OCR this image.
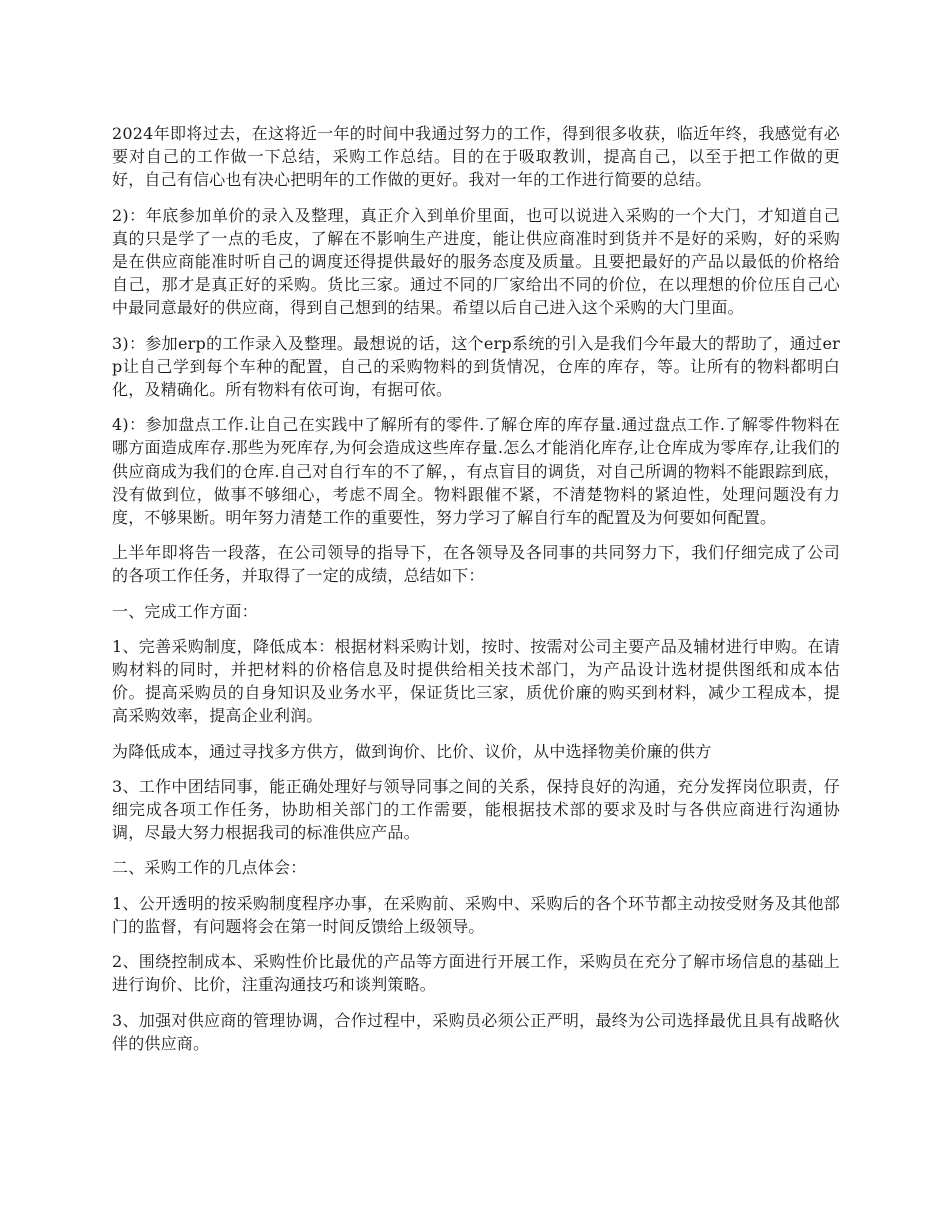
2024年即将过去，在这将近一年的时间中我通过努力的工作，得到很多收获，临近年终，我感觉有必要对自己的工作做一下总结，采购工作总结。目的在于吸取教训，提高自己，以至于把工作做的更好，自己有信心也有决心把明年的工作做的更好。我对一年的工作进行简要的总结。

2)：年底参加单价的录入及整理，真正介入到单价里面，也可以说进入采购的一个大门，才知道自己真的只是学了一点的毛皮，了解在不影响生产进度，能让供应商准时到货并不是好的采购，好的采购是在供应商能准时听自己的调度还得提供最好的服务态度及质量。且要把最好的产品以最低的价格给自己，那才是真正好的采购。货比三家。通过不同的厂家给出不同的价位，在以理想的价位压自己心中最同意最好的供应商，得到自己想到的结果。希望以后自己进入这个采购的大门里面。

3)：参加erp的工作录入及整理。最想说的话，这个erp系统的引入是我们今年最大的帮助了，通过erp让自己学到每个车种的配置，自己的采购物料的到货情况，仓库的库存，等。让所有的物料都明白化，及精确化。所有物料有依可询，有据可依。

4)：参加盘点工作.让自己在实践中了解所有的零件.了解仓库的库存量.通过盘点工作.了解零件物料在哪方面造成库存.那些为死库存,为何会造成这些库存量.怎么才能消化库存,让仓库成为零库存,让我们的供应商成为我们的仓库.自己对自行车的不了解，，有点盲目的调货，对自己所调的物料不能跟踪到底，没有做到位，做事不够细心，考虑不周全。物料跟催不紧，不清楚物料的紧迫性，处理问题没有力度，不够果断。明年努力清楚工作的重要性，努力学习了解自行车的配置及为何要如何配置。

上半年即将告一段落，在公司领导的指导下，在各领导及各同事的共同努力下，我们仔细完成了公司的各项工作任务，并取得了一定的成绩，总结如下：

一、完成工作方面：

1、完善采购制度，降低成本：根据材料采购计划，按时、按需对公司主要产品及辅材进行申购。在请购材料的同时，并把材料的价格信息及时提供给相关技术部门，为产品设计选材提供图纸和成本估价。提高采购员的自身知识及业务水平，保证货比三家，质优价廉的购买到材料，减少工程成本，提高采购效率，提高企业利润。

为降低成本，通过寻找多方供方，做到询价、比价、议价，从中选择物美价廉的供方

3、工作中团结同事，能正确处理好与领导同事之间的关系，保持良好的沟通，充分发挥岗位职责，仔细完成各项工作任务，协助相关部门的工作需要，能根据技术部的要求及时与各供应商进行沟通协调，尽最大努力根据我司的标准供应产品。

二、采购工作的几点体会：

1、公开透明的按采购制度程序办事，在采购前、采购中、采购后的各个环节都主动按受财务及其他部门的监督，有问题将会在第一时间反馈给上级领导。

2、围绕控制成本、采购性价比最优的产品等方面进行开展工作，采购员在充分了解市场信息的基础上进行询价、比价，注重沟通技巧和谈判策略。

3、加强对供应商的管理协调，合作过程中，采购员必须公正严明，最终为公司选择最优且具有战略伙伴的供应商。
